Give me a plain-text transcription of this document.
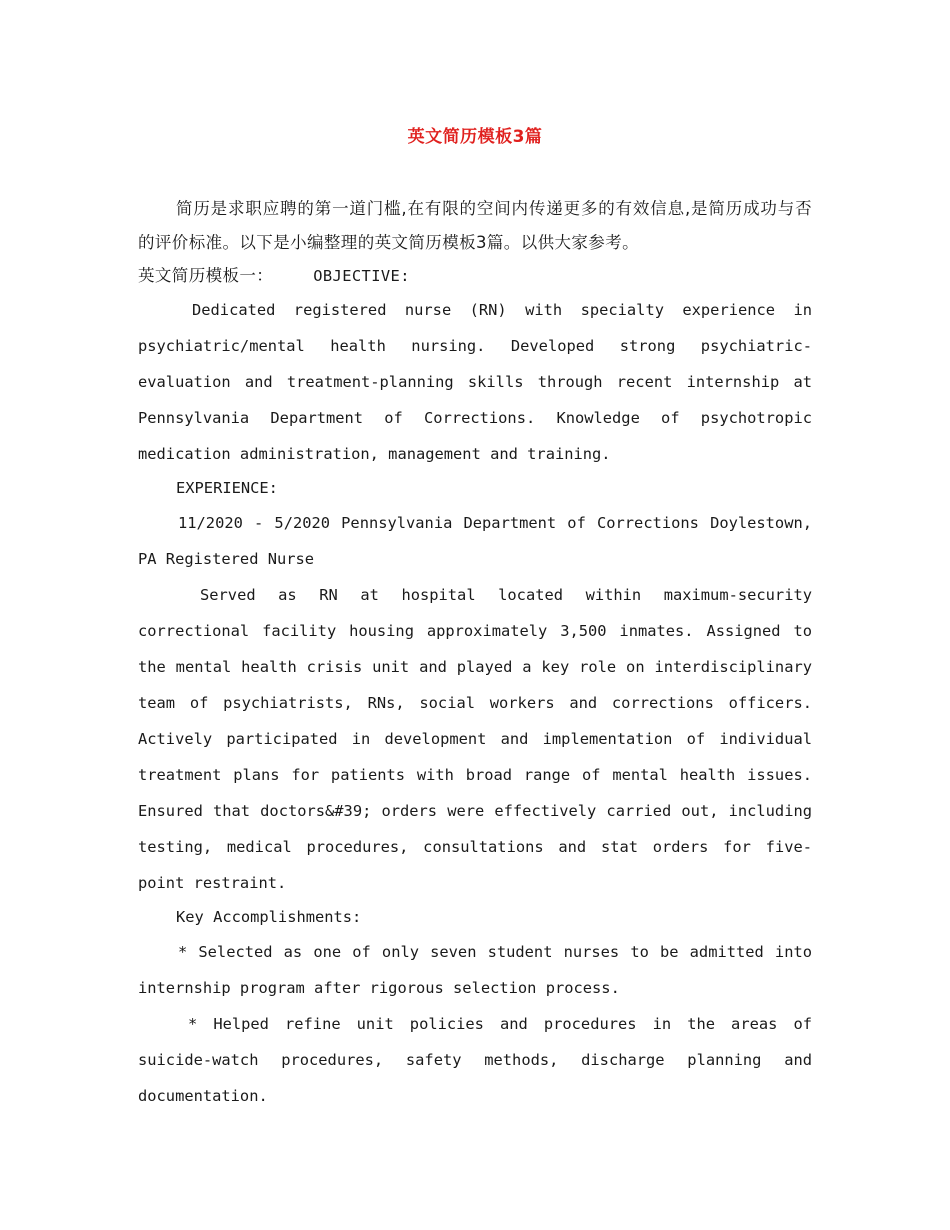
英文简历模板3篇

简历是求职应聘的第一道门槛,在有限的空间内传递更多的有效信息,是简历成功与否的评价标准。以下是小编整理的英文简历模板3篇。以供大家参考。

英文简历模板一：	OBJECTIVE:

Dedicated registered nurse (RN) with specialty experience in psychiatric/mental health nursing. Developed strong psychiatric-evaluation and treatment-planning skills through recent internship at Pennsylvania Department of Corrections. Knowledge of psychotropic medication administration, management and training.

EXPERIENCE:

11/2020 - 5/2020 Pennsylvania Department of Corrections Doylestown, PA Registered Nurse

Served as RN at hospital located within maximum-security correctional facility housing approximately 3,500 inmates. Assigned to the mental health crisis unit and played a key role on interdisciplinary team of psychiatrists, RNs, social workers and corrections officers. Actively participated in development and implementation of individual treatment plans for patients with broad range of mental health issues. Ensured that doctors&#39; orders were effectively carried out, including testing, medical procedures, consultations and stat orders for five-point restraint.

Key Accomplishments:

* Selected as one of only seven student nurses to be admitted into internship program after rigorous selection process.

* Helped refine unit policies and procedures in the areas of suicide-watch procedures, safety methods, discharge planning and documentation.
